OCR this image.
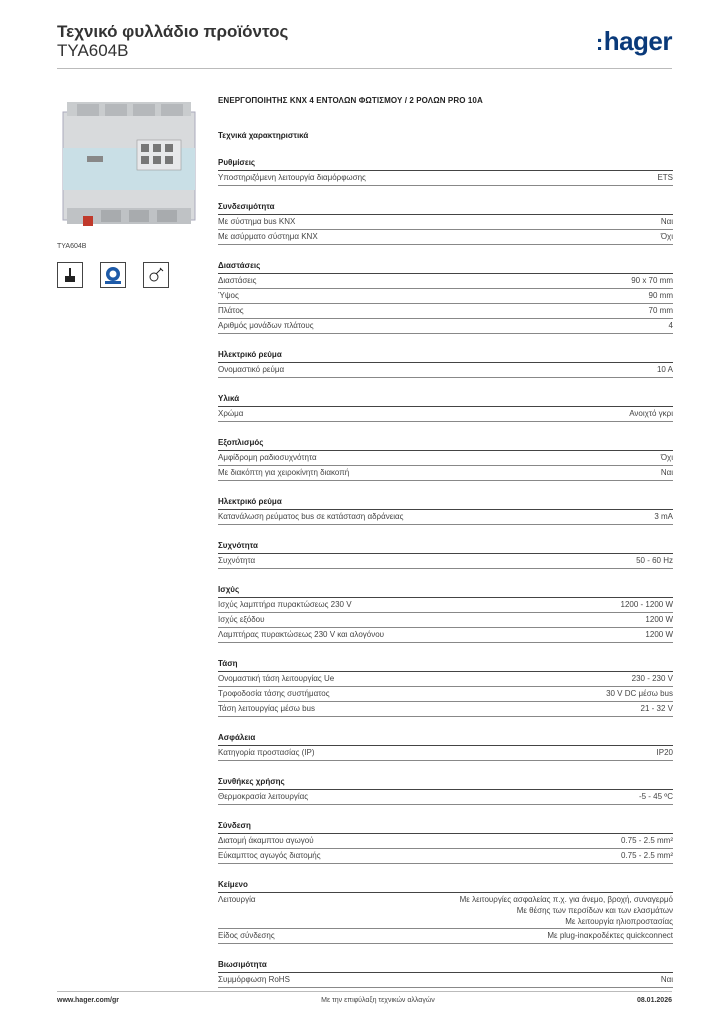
Τεχνικό φυλλάδιο προϊόντος
TYA604B	:hager
TYA604B
ΕΝΕΡΓΟΠΟΙΗΤΗΣ KNX 4 ΕΝΤΟΛΩΝ ΦΩΤΙΣΜΟΥ / 2 ΡΟΛΩΝ PRO 10A
Τεχνικά χαρακτηριστικά
Ρυθμίσεις
Υποστηριζόμενη λειτουργία διαμόρφωσης	ETS
Συνδεσιμότητα
Με σύστημα bus KNX	Ναι
Με ασύρματο σύστημα KNX	Όχι
Διαστάσεις
Διαστάσεις	90 x 70 mm
Ύψος	90 mm
Πλάτος	70 mm
Αριθμός μονάδων πλάτους	4
Ηλεκτρικό ρεύμα
Ονομαστικό ρεύμα	10 A
Υλικά
Χρώμα	Ανοιχτό γκρι
Εξοπλισμός
Αμφίδρομη ραδιοσυχνότητα	Όχι
Με διακόπτη για χειροκίνητη διακοπή	Ναι
Ηλεκτρικό ρεύμα
Κατανάλωση ρεύματος bus σε κατάσταση αδράνειας	3 mA
Συχνότητα
Συχνότητα	50 - 60 Hz
Ισχύς
Ισχύς λαμπτήρα πυρακτώσεως 230 V	1200 - 1200 W
Ισχύς εξόδου	1200 W
Λαμπτήρας πυρακτώσεως 230 V και αλογόνου	1200 W
Τάση
Ονομαστική τάση λειτουργίας Ue	230 - 230 V
Τροφοδοσία τάσης συστήματος	30 V DC μέσω bus
Τάση λειτουργίας μέσω bus	21 - 32 V
Ασφάλεια
Κατηγορία προστασίας (IP)	IP20
Συνθήκες χρήσης
Θερμοκρασία λειτουργίας	-5 - 45 ºC
Σύνδεση
Διατομή άκαμπτου αγωγού	0.75 - 2.5 mm²
Εύκαμπτος αγωγός διατομής	0.75 - 2.5 mm²
Κείμενο
Λειτουργία	Με λειτουργίες ασφαλείας π.χ. για άνεμο, βροχή, συναγερμό
Με θέσης των περσίδων και των ελασμάτων
Με λειτουργία ηλιοπροστασίας
Είδος σύνδεσης	Με plug-inακροδέκτες quickconnect
Βιωσιμότητα
Συμμόρφωση RoHS	Ναι
www.hager.com/gr	Με την επιφύλαξη τεχνικών αλλαγών	08.01.2026
